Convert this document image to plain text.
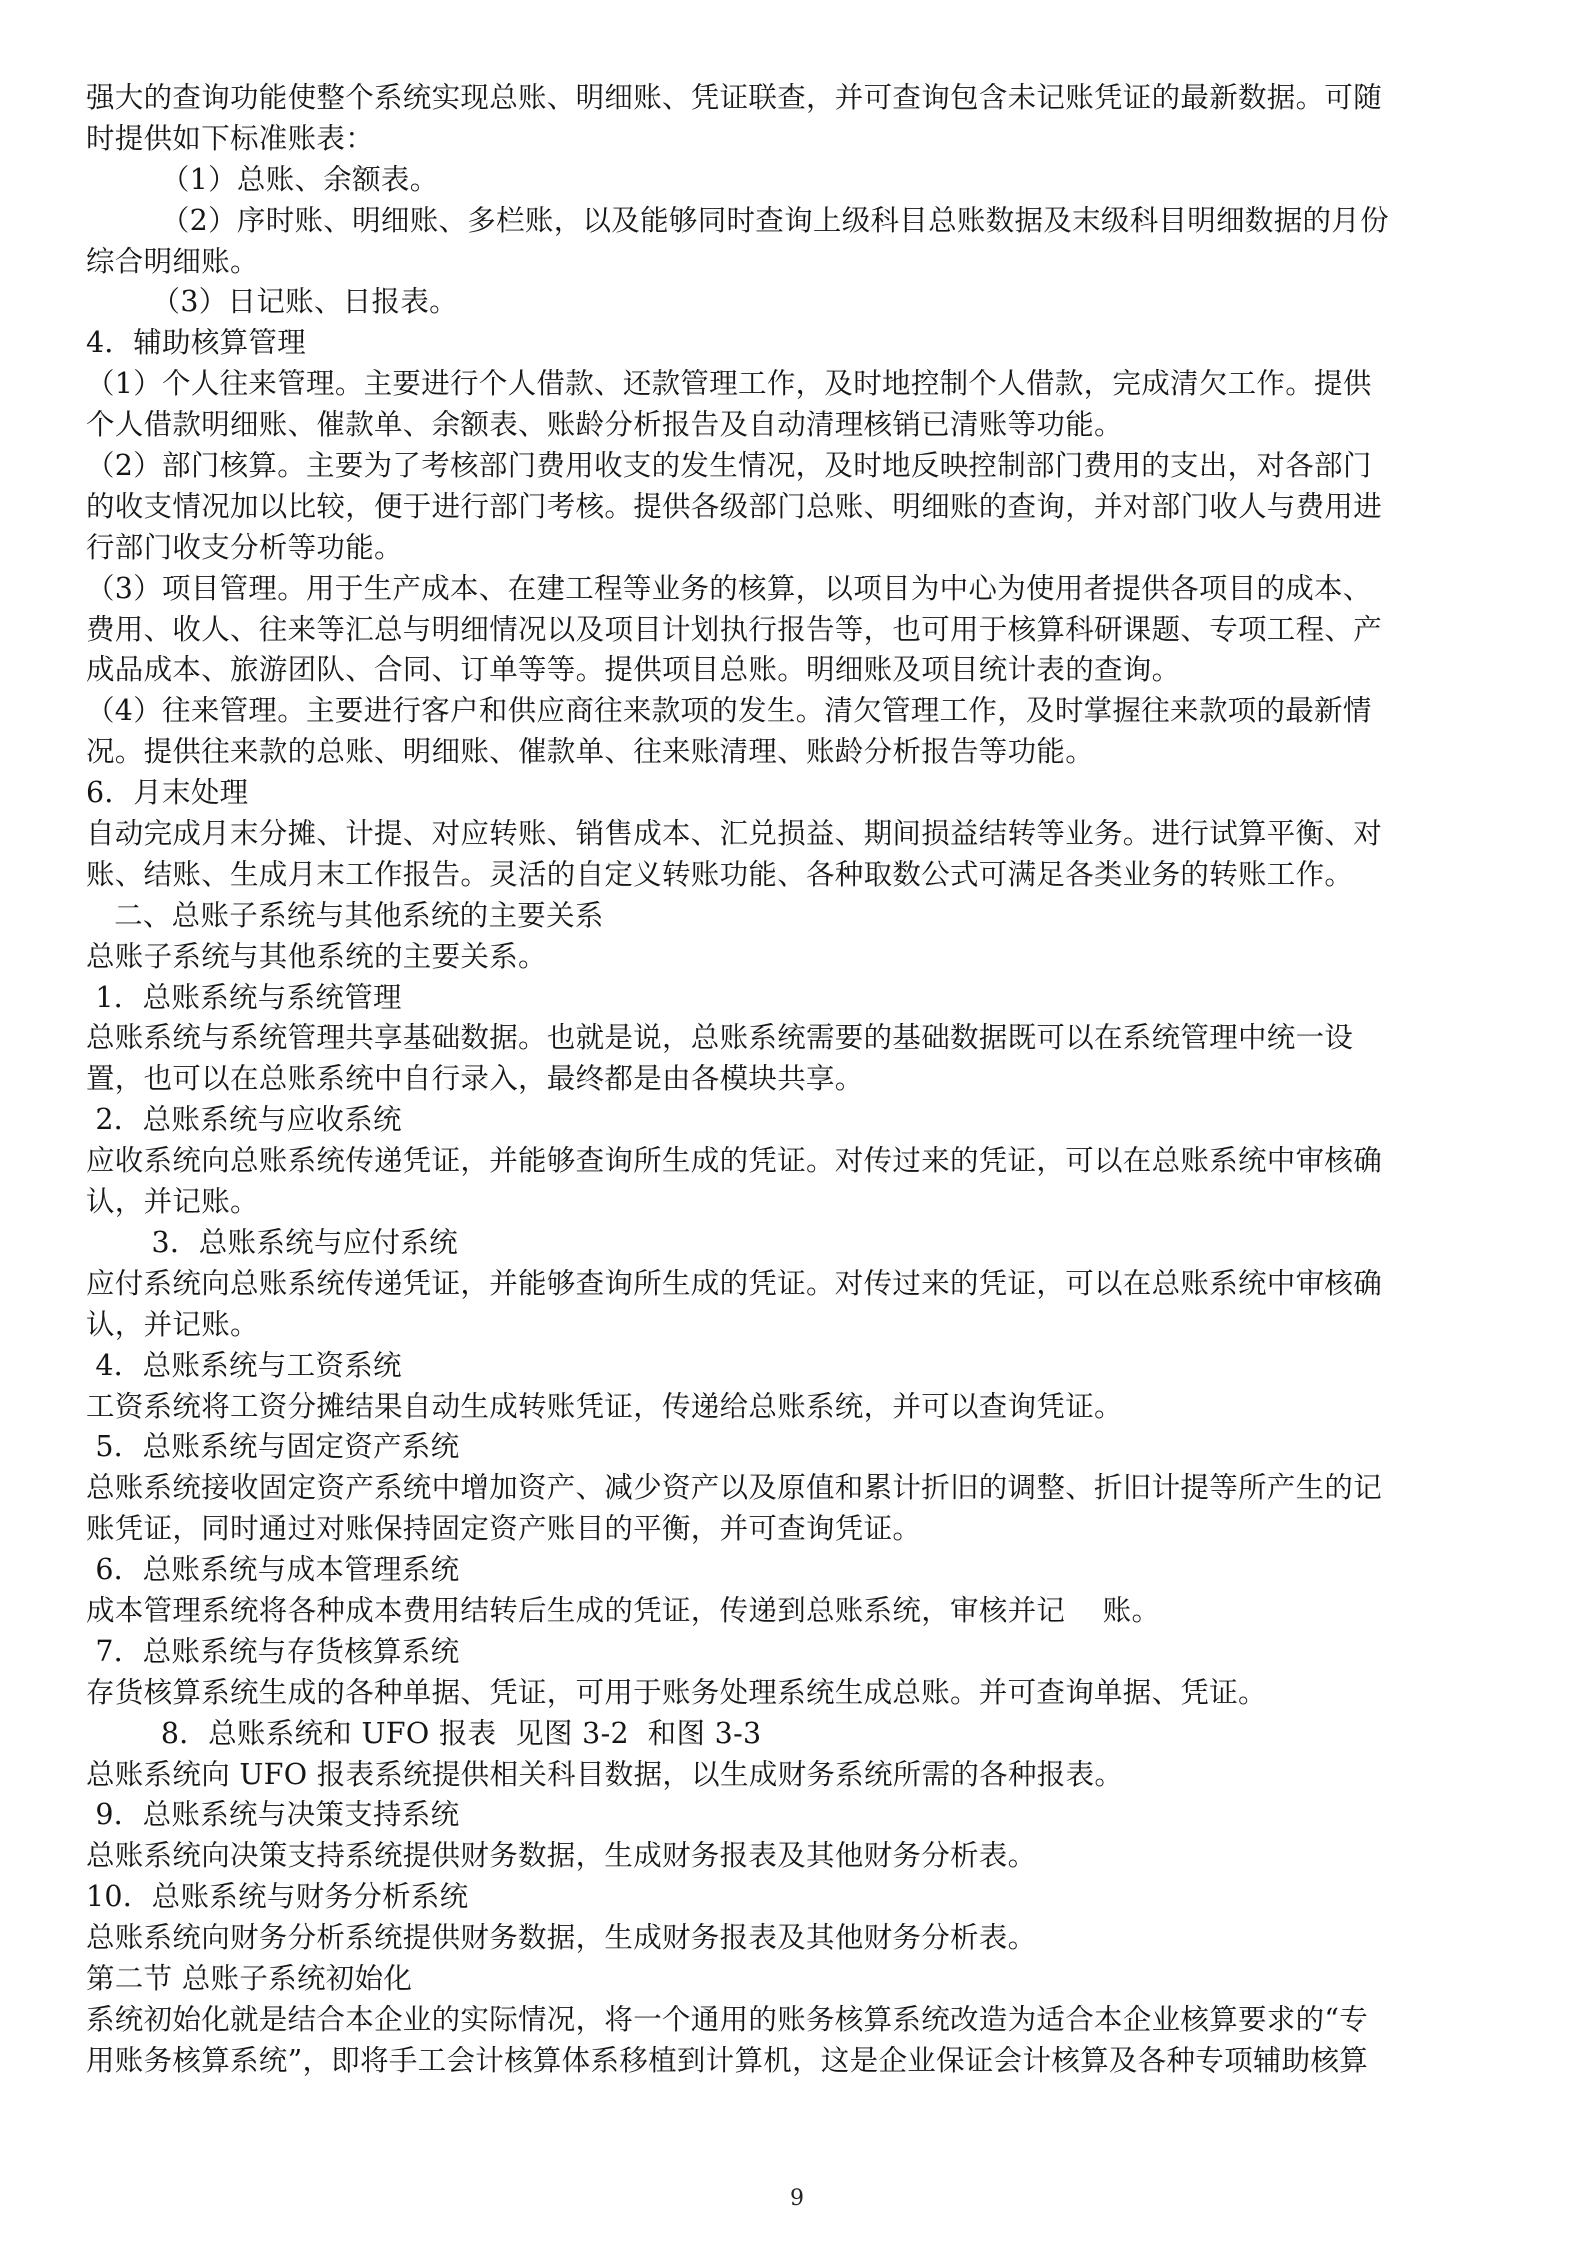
强大的查询功能使整个系统实现总账、明细账、凭证联查，并可查询包含未记账凭证的最新数据。可随
时提供如下标准账表：
（1）总账、余额表。
（2）序时账、明细账、多栏账，以及能够同时查询上级科目总账数据及末级科目明细数据的月份
综合明细账。
（3）日记账、日报表。
4．辅助核算管理
（1）个人往来管理。主要进行个人借款、还款管理工作，及时地控制个人借款，完成清欠工作。提供
个人借款明细账、催款单、余额表、账龄分析报告及自动清理核销已清账等功能。
（2）部门核算。主要为了考核部门费用收支的发生情况，及时地反映控制部门费用的支出，对各部门
的收支情况加以比较，便于进行部门考核。提供各级部门总账、明细账的查询，并对部门收人与费用进
行部门收支分析等功能。
（3）项目管理。用于生产成本、在建工程等业务的核算，以项目为中心为使用者提供各项目的成本、
费用、收人、往来等汇总与明细情况以及项目计划执行报告等，也可用于核算科研课题、专项工程、产
成品成本、旅游团队、合同、订单等等。提供项目总账。明细账及项目统计表的查询。
（4）往来管理。主要进行客户和供应商往来款项的发生。清欠管理工作，及时掌握往来款项的最新情
况。提供往来款的总账、明细账、催款单、往来账清理、账龄分析报告等功能。
6．月末处理
自动完成月末分摊、计提、对应转账、销售成本、汇兑损益、期间损益结转等业务。进行试算平衡、对
账、结账、生成月末工作报告。灵活的自定义转账功能、各种取数公式可满足各类业务的转账工作。
二、总账子系统与其他系统的主要关系
总账子系统与其他系统的主要关系。
1．总账系统与系统管理
总账系统与系统管理共享基础数据。也就是说，总账系统需要的基础数据既可以在系统管理中统一设
置，也可以在总账系统中自行录入，最终都是由各模块共享。
2．总账系统与应收系统
应收系统向总账系统传递凭证，并能够查询所生成的凭证。对传过来的凭证，可以在总账系统中审核确
认，并记账。
3．总账系统与应付系统
应付系统向总账系统传递凭证，并能够查询所生成的凭证。对传过来的凭证，可以在总账系统中审核确
认，并记账。
4．总账系统与工资系统
工资系统将工资分摊结果自动生成转账凭证，传递给总账系统，并可以查询凭证。
5．总账系统与固定资产系统
总账系统接收固定资产系统中增加资产、减少资产以及原值和累计折旧的调整、折旧计提等所产生的记
账凭证，同时通过对账保持固定资产账目的平衡，并可查询凭证。
6．总账系统与成本管理系统
成本管理系统将各种成本费用结转后生成的凭证，传递到总账系统，审核并记    账。
7．总账系统与存货核算系统
存货核算系统生成的各种单据、凭证，可用于账务处理系统生成总账。并可查询单据、凭证。
8．总账系统和 UFO 报表  见图 3-2  和图 3-3
总账系统向 UFO 报表系统提供相关科目数据，以生成财务系统所需的各种报表。
9．总账系统与决策支持系统
总账系统向决策支持系统提供财务数据，生成财务报表及其他财务分析表。
10．总账系统与财务分析系统
总账系统向财务分析系统提供财务数据，生成财务报表及其他财务分析表。
第二节 总账子系统初始化
系统初始化就是结合本企业的实际情况，将一个通用的账务核算系统改造为适合本企业核算要求的“专
用账务核算系统”，即将手工会计核算体系移植到计算机，这是企业保证会计核算及各种专项辅助核算
9
